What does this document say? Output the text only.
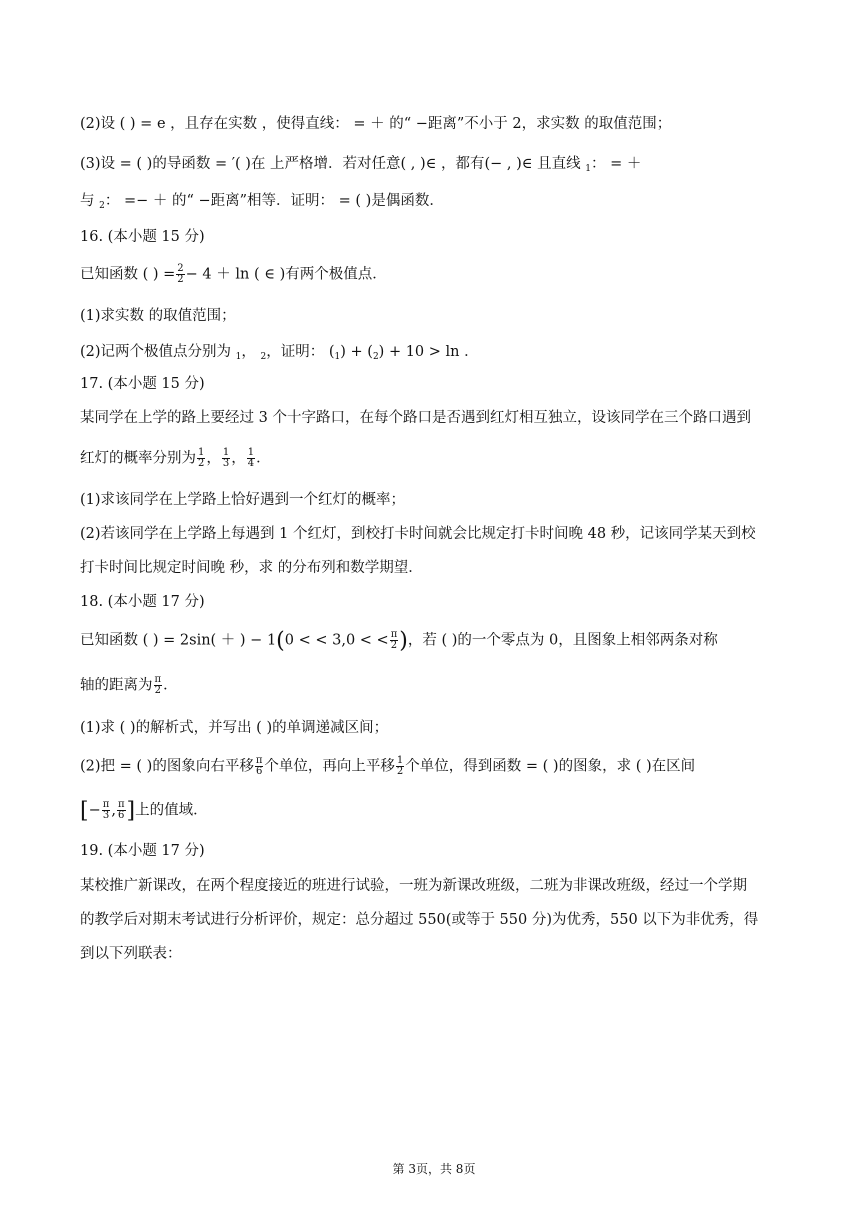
(2)设 ( ) = e ，且存在实数 ，使得直线： = ＋ 的“ −距离”不小于 2，求实数 的取值范围；
(3)设 = ( )的导函数 = ′( )在 上严格增．若对任意( , )∈ ，都有(− , )∈ 且直线 $_1$： = ＋
与 $_2$： =− ＋ 的“ −距离”相等．证明： = ( )是偶函数．
16. (本小题 15 分)
已知函数 ( ) = $\frac{2}{2} - 4 + \ln$ ( ∈ )有两个极值点．
(1)求实数 的取值范围；
(2)记两个极值点分别为 $_1$， $_2$，证明： $(_1) + (_2) + 10 > \ln$ ．
17. (本小题 15 分)
某同学在上学的路上要经过 3 个十字路口，在每个路口是否遇到红灯相互独立，设该同学在三个路口遇到
红灯的概率分别为 $\frac{1}{2}$ ， $\frac{1}{3}$ ， $\frac{1}{4}$ ．
(1)求该同学在上学路上恰好遇到一个红灯的概率；
(2)若该同学在上学路上每遇到 1 个红灯，到校打卡时间就会比规定打卡时间晚 48 秒，记该同学某天到校
打卡时间比规定时间晚 秒，求 的分布列和数学期望．
18. (本小题 17 分)
已知函数 ( ) = 2sin( ＋ ) − 1(0 < < 3,0 < < $\frac{\pi}{2}$ )，若 ( )的一个零点为 0，且图象上相邻两条对称
轴的距离为 $\frac{\pi}{2}$ ．
(1)求 ( )的解析式，并写出 ( )的单调递减区间；
(2)把 = ( )的图象向右平移 $\frac{\pi}{6}$ 个单位，再向上平移 $\frac{1}{2}$ 个单位，得到函数 = ( )的图象，求 ( )在区间
[− $\frac{\pi}{3}$ , $\frac{\pi}{6}$ ]上的值域．
19. (本小题 17 分)
某校推广新课改，在两个程度接近的班进行试验，一班为新课改班级，二班为非课改班级，经过一个学期
的教学后对期末考试进行分析评价，规定：总分超过 550(或等于 550 分)为优秀，550 以下为非优秀，得
到以下列联表：
第 3页，共 8页
